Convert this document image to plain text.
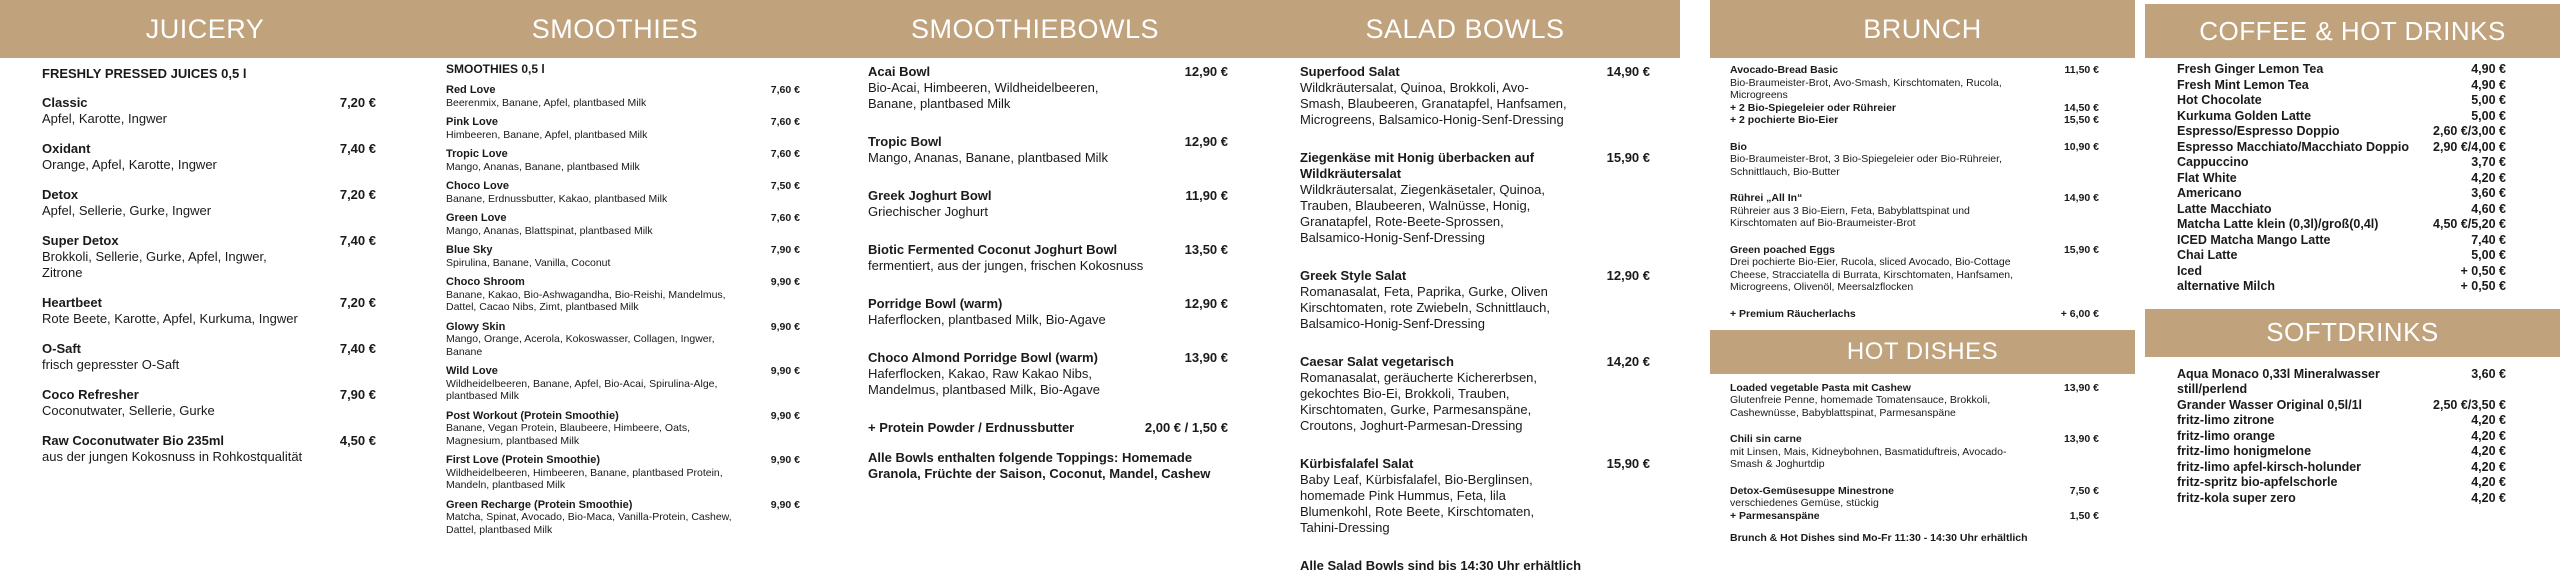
JUICERY
FRESHLY PRESSED JUICES 0,5 l
Classic
Apfel, Karotte, Ingwer
7,20 €
Oxidant
Orange, Apfel, Karotte, Ingwer
7,40 €
Detox
Apfel, Sellerie, Gurke, Ingwer
7,20 €
Super Detox
Brokkoli, Sellerie, Gurke, Apfel, Ingwer, Zitrone
7,40 €
Heartbeet
Rote Beete, Karotte, Apfel, Kurkuma, Ingwer
7,20 €
O-Saft
frisch gepresster O-Saft
7,40 €
Coco Refresher
Coconutwater, Sellerie, Gurke
7,90 €
Raw Coconutwater Bio 235ml
aus der jungen Kokosnuss in Rohkostqualität
4,50 €
SMOOTHIES
SMOOTHIES 0,5 l
Red Love
Beerenmix, Banane, Apfel, plantbased Milk
7,60 €
Pink Love
Himbeeren, Banane, Apfel, plantbased Milk
7,60 €
Tropic Love
Mango, Ananas, Banane, plantbased Milk
7,60 €
Choco Love
Banane, Erdnussbutter, Kakao, plantbased Milk
7,50 €
Green Love
Mango, Ananas, Blattspinat, plantbased Milk
7,60 €
Blue Sky
Spirulina, Banane, Vanilla, Coconut
7,90 €
Choco Shroom
Banane, Kakao, Bio-Ashwagandha, Bio-Reishi, Mandelmus, Dattel, Cacao Nibs, Zimt, plantbased Milk
9,90 €
Glowy Skin
Mango, Orange, Acerola, Kokoswasser, Collagen, Ingwer, Banane
9,90 €
Wild Love
Wildheidelbeeren, Banane, Apfel, Bio-Acai, Spirulina-Alge, plantbased Milk
9,90 €
Post Workout (Protein Smoothie)
Banane, Vegan Protein, Blaubeere, Himbeere, Oats, Magnesium, plantbased Milk
9,90 €
First Love (Protein Smoothie)
Wildheidelbeeren, Himbeeren, Banane, plantbased Protein, Mandeln, plantbased Milk
9,90 €
Green Recharge (Protein Smoothie)
Matcha, Spinat, Avocado, Bio-Maca, Vanilla-Protein, Cashew, Dattel, plantbased Milk
9,90 €
SMOOTHIEBOWLS
Acai Bowl
Bio-Acai, Himbeeren, Wildheidelbeeren, Banane, plantbased Milk
12,90 €
Tropic Bowl
Mango, Ananas, Banane, plantbased Milk
12,90 €
Greek Joghurt Bowl
Griechischer Joghurt
11,90 €
Biotic Fermented Coconut Joghurt Bowl
fermentiert, aus der jungen, frischen Kokosnuss
13,50 €
Porridge Bowl (warm)
Haferflocken, plantbased Milk, Bio-Agave
12,90 €
Choco Almond Porridge Bowl (warm)
Haferflocken, Kakao, Raw Kakao Nibs, Mandelmus, plantbased Milk, Bio-Agave
13,90 €
+ Protein Powder / Erdnussbutter	2,00 € / 1,50 €
Alle Bowls enthalten folgende Toppings: Homemade Granola, Früchte der Saison, Coconut, Mandel, Cashew
SALAD BOWLS
Superfood Salat
Wildkräutersalat, Quinoa, Brokkoli, Avo-Smash, Blaubeeren, Granatapfel, Hanfsamen, Microgreens, Balsamico-Honig-Senf-Dressing
14,90 €
Ziegenkäse mit Honig überbacken auf Wildkräutersalat
Wildkräutersalat, Ziegenkäsetaler, Quinoa, Trauben, Blaubeeren, Walnüsse, Honig, Granatapfel, Rote-Beete-Sprossen, Balsamico-Honig-Senf-Dressing
15,90 €
Greek Style Salat
Romanasalat, Feta, Paprika, Gurke, Oliven Kirschtomaten, rote Zwiebeln, Schnittlauch, Balsamico-Honig-Senf-Dressing
12,90 €
Caesar Salat vegetarisch
Romanasalat, geräucherte Kichererbsen, gekochtes Bio-Ei, Brokkoli, Trauben, Kirschtomaten, Gurke, Parmesanspäne, Croutons, Joghurt-Parmesan-Dressing
14,20 €
Kürbisfalafel Salat
Baby Leaf, Kürbisfalafel, Bio-Berglinsen, homemade Pink Hummus, Feta, lila Blumenkohl, Rote Beete, Kirschtomaten, Tahini-Dressing
15,90 €
Alle Salad Bowls sind bis 14:30 Uhr erhältlich
BRUNCH
Avocado-Bread Basic
Bio-Braumeister-Brot, Avo-Smash, Kirschtomaten, Rucola, Microgreens
11,50 €
+ 2 Bio-Spiegeleier oder Rühreier	14,50 €
+ 2 pochierte Bio-Eier	15,50 €
Bio
Bio-Braumeister-Brot, 3 Bio-Spiegeleier oder Bio-Rühreier, Schnittlauch, Bio-Butter
10,90 €
Rührei „All In“
Rühreier aus 3 Bio-Eiern, Feta, Babyblattspinat und Kirschtomaten auf Bio-Braumeister-Brot
14,90 €
Green poached Eggs
Drei pochierte Bio-Eier, Rucola, sliced Avocado, Bio-Cottage Cheese, Stracciatella di Burrata, Kirschtomaten, Hanfsamen, Microgreens, Olivenöl, Meersalzflocken
15,90 €
+ Premium Räucherlachs	+ 6,00 €
HOT DISHES
Loaded vegetable Pasta mit Cashew
Glutenfreie Penne, homemade Tomatensauce, Brokkoli, Cashewnüsse, Babyblattspinat, Parmesanspäne
13,90 €
Chili sin carne
mit Linsen, Mais, Kidneybohnen, Basmatiduftreis, Avocado-Smash & Joghurtdip
13,90 €
Detox-Gemüsesuppe Minestrone
verschiedenes Gemüse, stückig
7,50 €
+ Parmesanspäne	1,50 €
Brunch & Hot Dishes sind Mo-Fr 11:30 - 14:30 Uhr erhältlich
COFFEE & HOT DRINKS
Fresh Ginger Lemon Tea	4,90 €
Fresh Mint Lemon Tea	4,90 €
Hot Chocolate	5,00 €
Kurkuma Golden Latte	5,00 €
Espresso/Espresso Doppio	2,60 €/3,00 €
Espresso Macchiato/Macchiato Doppio 2,90 €/4,00 €
Cappuccino	3,70 €
Flat White	4,20 €
Americano	3,60 €
Latte Macchiato	4,60 €
Matcha Latte klein (0,3l)/groß(0,4l)	4,50 €/5,20 €
ICED Matcha Mango Latte	7,40 €
Chai Latte	5,00 €
Iced	+ 0,50 €
alternative Milch	+ 0,50 €
SOFTDRINKS
Aqua Monaco 0,33l Mineralwasser still/perlend
3,60 €
Grander Wasser Original 0,5l/1l	2,50 €/3,50 €
fritz-limo zitrone	4,20 €
fritz-limo orange	4,20 €
fritz-limo honigmelone	4,20 €
fritz-limo apfel-kirsch-holunder	4,20 €
fritz-spritz bio-apfelschorle	4,20 €
fritz-kola super zero	4,20 €
